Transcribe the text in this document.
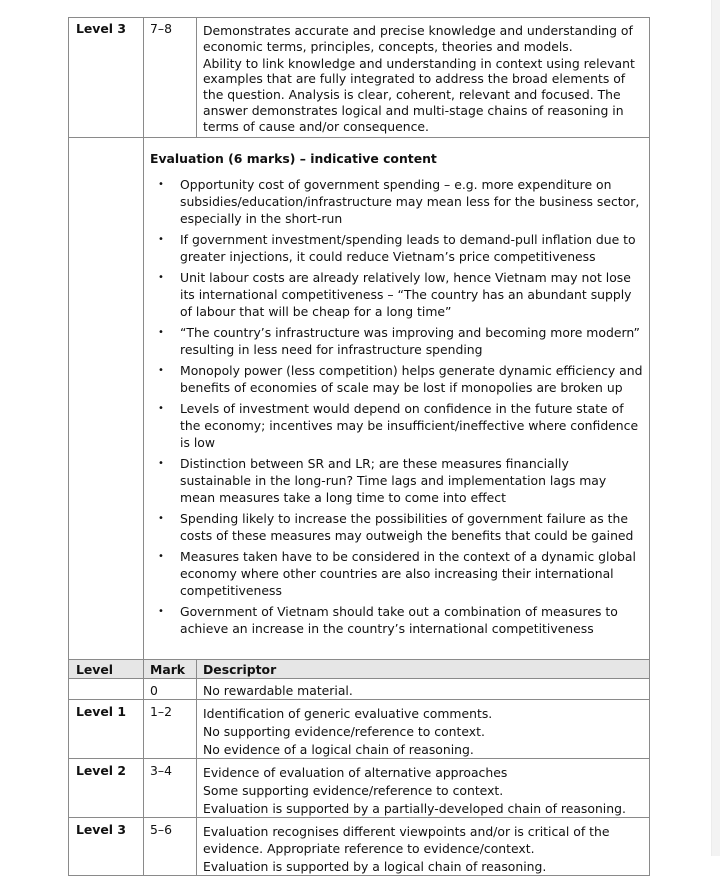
Level 3	7–8	Demonstrates accurate and precise knowledge and understanding of economic terms, principles, concepts, theories and models.

Ability to link knowledge and understanding in context using relevant examples that are fully integrated to address the broad elements of the question. Analysis is clear, coherent, relevant and focused. The answer demonstrates logical and multi-stage chains of reasoning in terms of cause and/or consequence.

Evaluation (6 marks) – indicative content
• Opportunity cost of government spending – e.g. more expenditure on subsidies/education/infrastructure may mean less for the business sector, especially in the short-run
• If government investment/spending leads to demand-pull inflation due to greater injections, it could reduce Vietnam’s price competitiveness
• Unit labour costs are already relatively low, hence Vietnam may not lose its international competitiveness – “The country has an abundant supply of labour that will be cheap for a long time”
• “The country’s infrastructure was improving and becoming more modern” resulting in less need for infrastructure spending
• Monopoly power (less competition) helps generate dynamic efficiency and benefits of economies of scale may be lost if monopolies are broken up
• Levels of investment would depend on confidence in the future state of the economy; incentives may be insufficient/ineffective where confidence is low
• Distinction between SR and LR; are these measures financially sustainable in the long-run? Time lags and implementation lags may mean measures take a long time to come into effect
• Spending likely to increase the possibilities of government failure as the costs of these measures may outweigh the benefits that could be gained
• Measures taken have to be considered in the context of a dynamic global economy where other countries are also increasing their international competitiveness
• Government of Vietnam should take out a combination of measures to achieve an increase in the country’s international competitiveness

Level	Mark	Descriptor
	0	No rewardable material.

Level 1	1–2	Identification of generic evaluative comments.

No supporting evidence/reference to context.

No evidence of a logical chain of reasoning.

Level 2	3–4	Evidence of evaluation of alternative approaches

Some supporting evidence/reference to context.

Evaluation is supported by a partially-developed chain of reasoning.

Level 3	5–6	Evaluation recognises different viewpoints and/or is critical of the evidence. Appropriate reference to evidence/context.

Evaluation is supported by a logical chain of reasoning.
